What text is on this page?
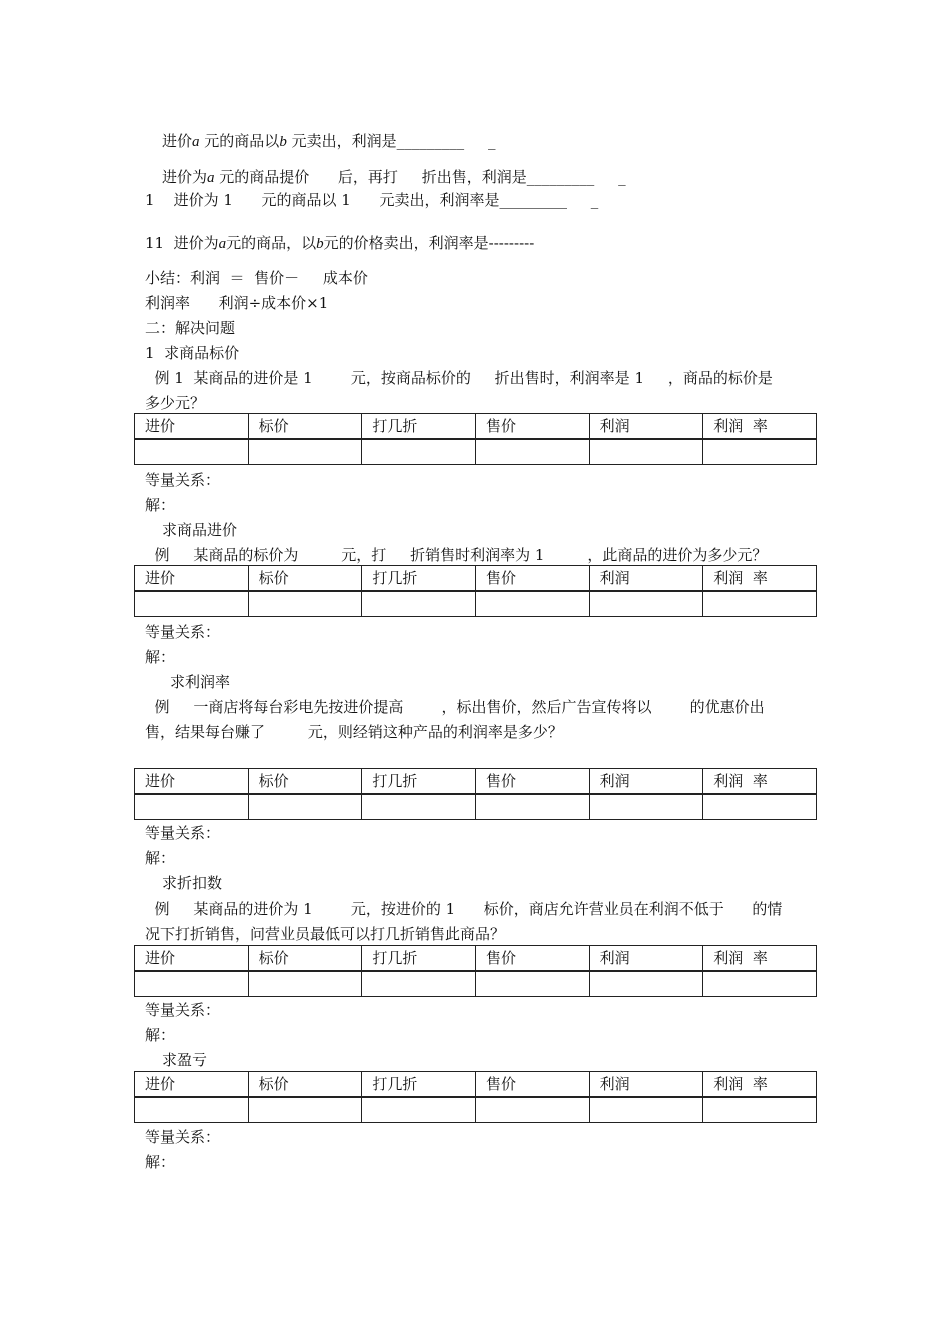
进价a 元的商品以b 元卖出，利润是_________     _
进价为a 元的商品提价      后，再打     折出售，利润是_________     _
1    进价为 1      元的商品以 1      元卖出，利润率是_________     _
11  进价为a元的商品，以b元的价格卖出，利润率是---------
小结：利润  ＝  售价－     成本价
利润率      利润÷成本价×1
二：解决问题
1  求商品标价
例 1  某商品的进价是 1        元，按商品标价的     折出售时，利润率是 1     ，商品的标价是
多少元？
进价	标价	打几折	售价	利润	利润  率

等量关系：
解：
求商品进价
例     某商品的标价为         元，打     折销售时利润率为 1         ，此商品的进价为多少元？
进价	标价	打几折	售价	利润	利润  率

等量关系：
解：
求利润率
例     一商店将每台彩电先按进价提高        ，标出售价，然后广告宣传将以        的优惠价出
售，结果每台赚了         元，则经销这种产品的利润率是多少？
进价	标价	打几折	售价	利润	利润  率

等量关系：
解：
求折扣数
例     某商品的进价为 1        元，按进价的 1      标价，商店允许营业员在利润不低于      的情
况下打折销售，问营业员最低可以打几折销售此商品？
进价	标价	打几折	售价	利润	利润  率

等量关系：
解：
求盈亏
进价	标价	打几折	售价	利润	利润  率

等量关系：
解：
